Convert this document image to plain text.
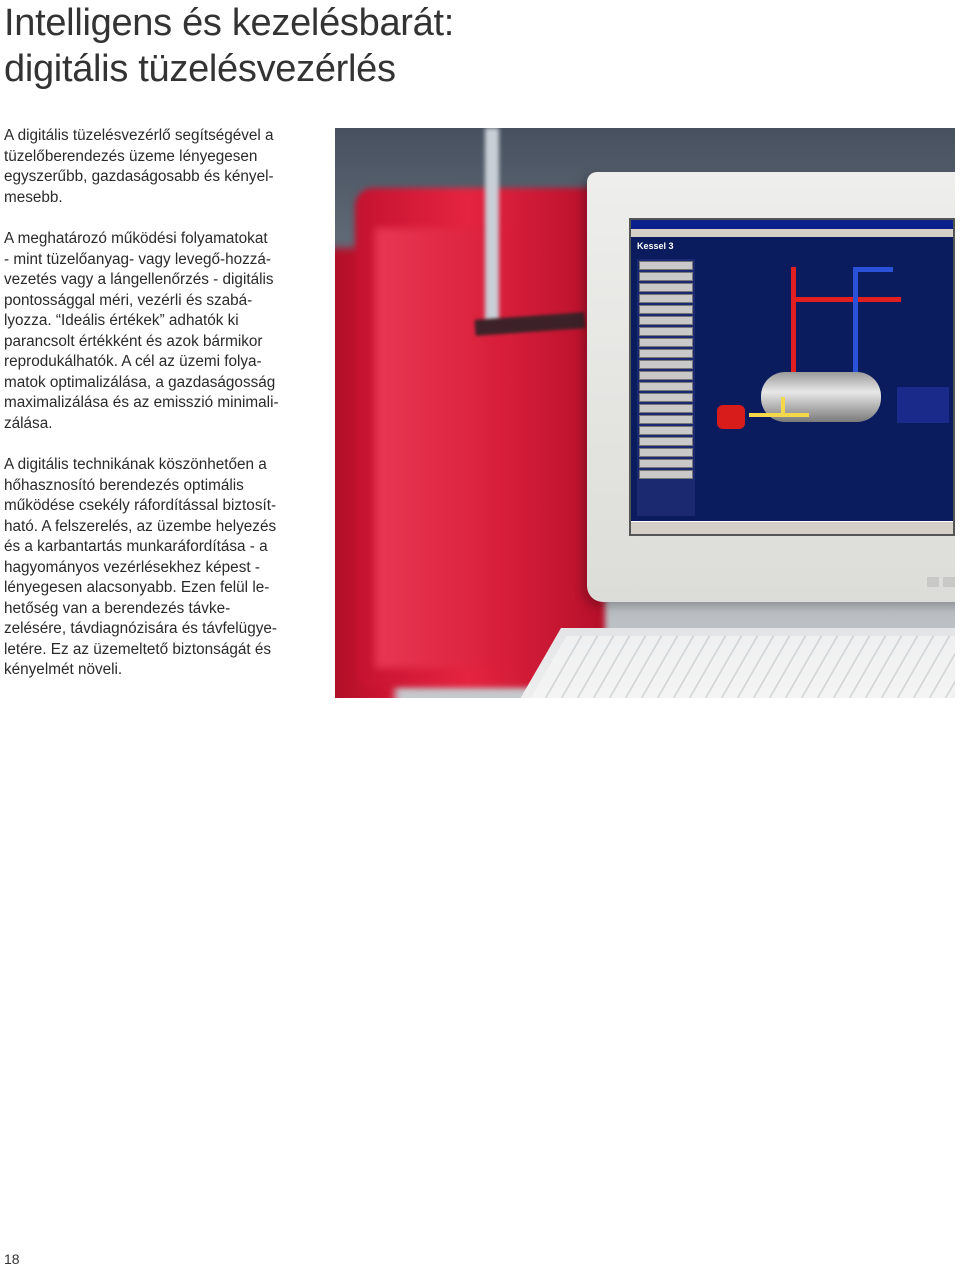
Intelligens és kezelésbarát:
digitális tüzelésvezérlés

A digitális tüzelésvezérlő segítségével a
tüzelőberendezés üzeme lényegesen
egyszerűbb, gazdaságosabb és kényel-
mesebb.

A meghatározó működési folyamatokat
- mint tüzelőanyag- vagy levegő-hozzá-
vezetés vagy a lángellenőrzés - digitális
pontossággal méri, vezérli és szabá-
lyozza. “Ideális értékek” adhatók ki
parancsolt értékként és azok bármikor
reprodukálhatók. A cél az üzemi folya-
matok optimalizálása, a gazdaságosság
maximalizálása és az emisszió minimali-
zálása.

A digitális technikának köszönhetően a
hőhasznosító berendezés optimális
működése csekély ráfordítással biztosít-
ható. A felszerelés, az üzembe helyezés
és a karbantartás munkaráfordítása - a
hagyományos vezérlésekhez képest -
lényegesen alacsonyabb. Ezen felül le-
hetőség van a berendezés távke-
zelésére, távdiagnózisára és távfelügye-
letére. Ez az üzemeltető biztonságát és
kényelmét növeli.

Kessel 3
18
